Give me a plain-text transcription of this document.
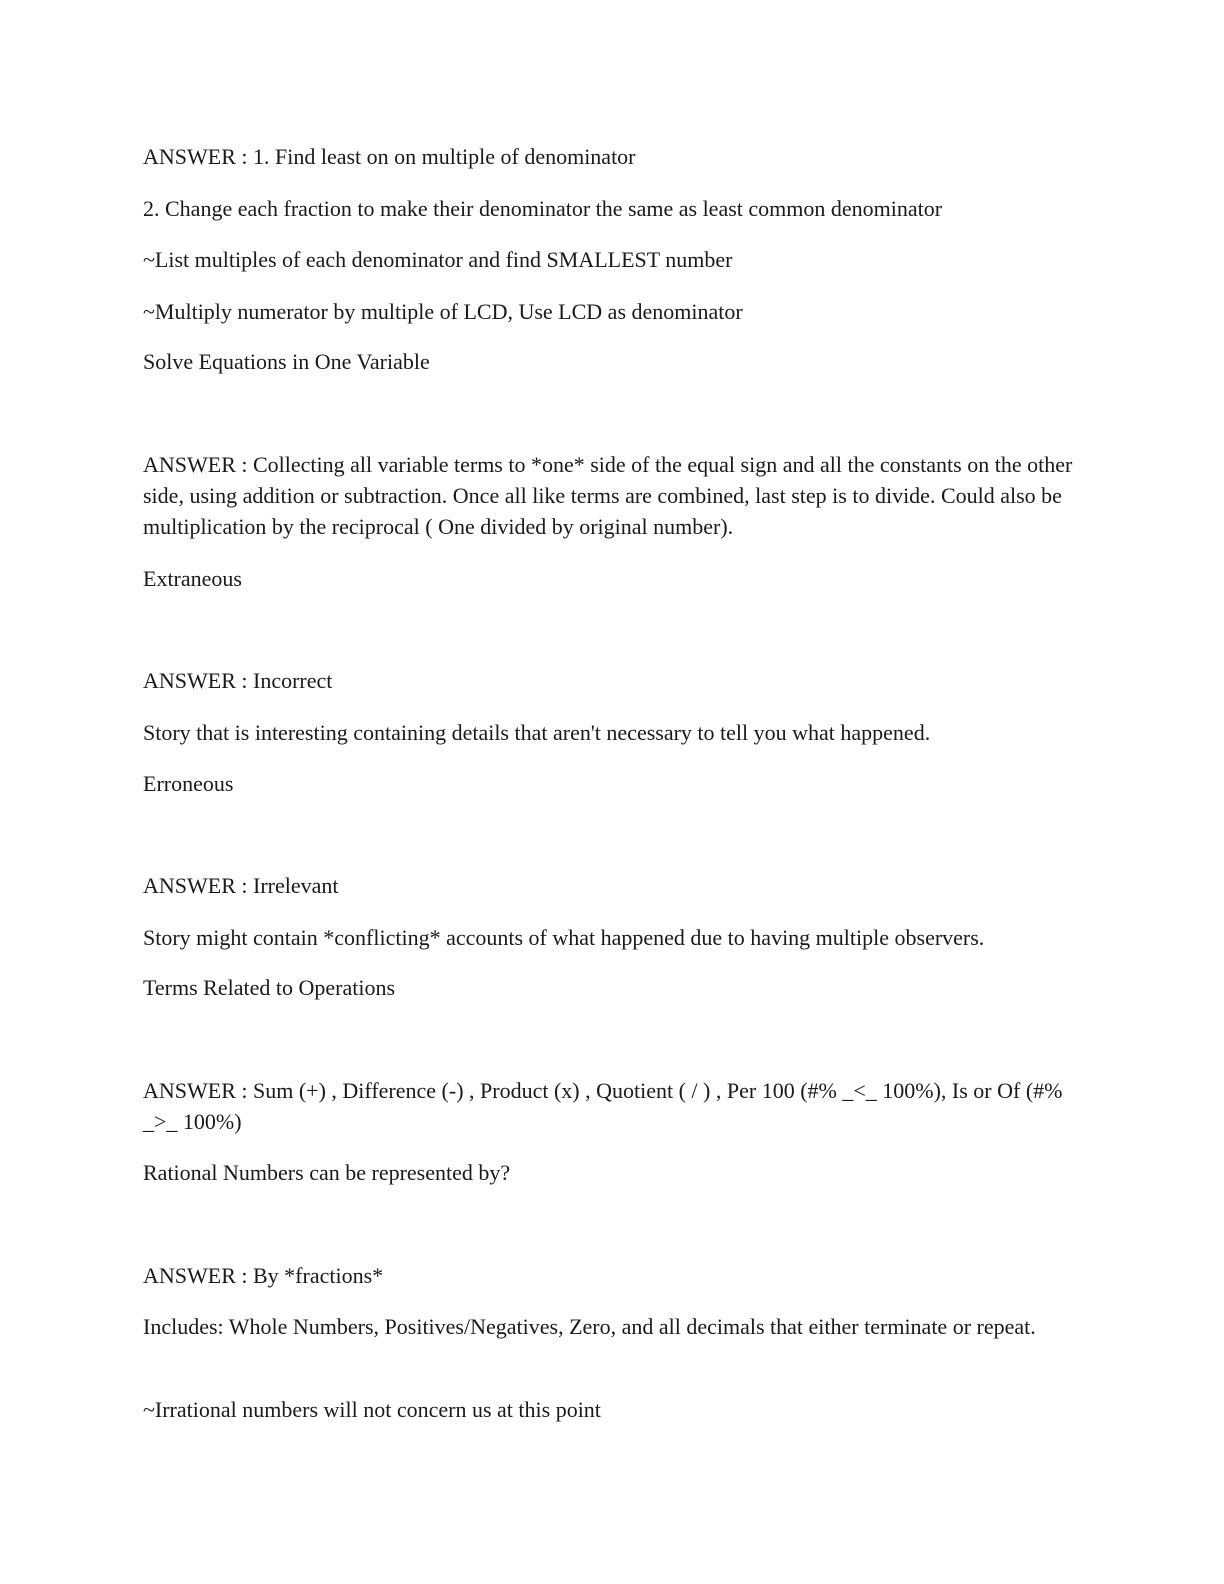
ANSWER : 1. Find least on on multiple of denominator

2. Change each fraction to make their denominator the same as least common denominator

~List multiples of each denominator and find SMALLEST number

~Multiply numerator by multiple of LCD, Use LCD as denominator

Solve Equations in One Variable

ANSWER : Collecting all variable terms to *one* side of the equal sign and all the constants on the other side, using addition or subtraction. Once all like terms are combined, last step is to divide. Could also be multiplication by the reciprocal ( One divided by original number).

Extraneous

ANSWER : Incorrect

Story that is interesting containing details that aren't necessary to tell you what happened.

Erroneous

ANSWER : Irrelevant

Story might contain *conflicting* accounts of what happened due to having multiple observers.

Terms Related to Operations

ANSWER : Sum (+) , Difference (-) , Product (x) , Quotient ( / ) , Per 100 (#% _<_ 100%), Is or Of (#% _>_ 100%)

Rational Numbers can be represented by?

ANSWER : By *fractions*

Includes: Whole Numbers, Positives/Negatives, Zero, and all decimals that either terminate or repeat.

~Irrational numbers will not concern us at this point
